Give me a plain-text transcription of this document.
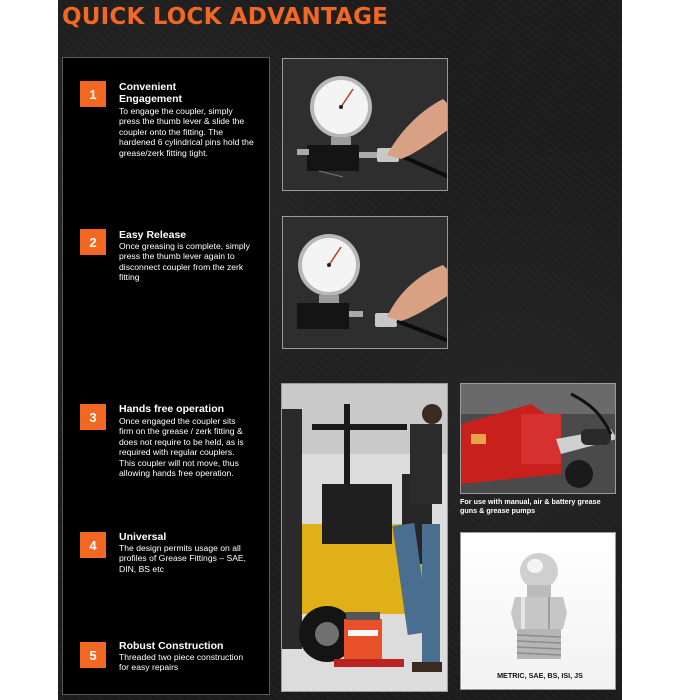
QUICK LOCK ADVANTAGE
1	Convenient Engagement
To engage the coupler, simply press the thumb lever & slide the coupler onto the fitting. The hardened 6 cylindrical pins hold the grease/zerk fitting tight.
2	Easy Release
Once greasing is complete, simply press the thumb lever again to disconnect coupler from the zerk fitting
3
Hands free operation
Once engaged the coupler sits firm on the grease / zerk fitting & does not require to be held, as is required with regular couplers. This coupler will not move, thus allowing hands free operation.
4
Universal
The design permits usage on all profiles of Grease Fittings – SAE, DIN, BS etc
5
Robust Construction
Threaded two piece construction for easy repairs
For use with manual, air & battery grease guns & grease pumps
METRIC, SAE, BS, ISI, JS
